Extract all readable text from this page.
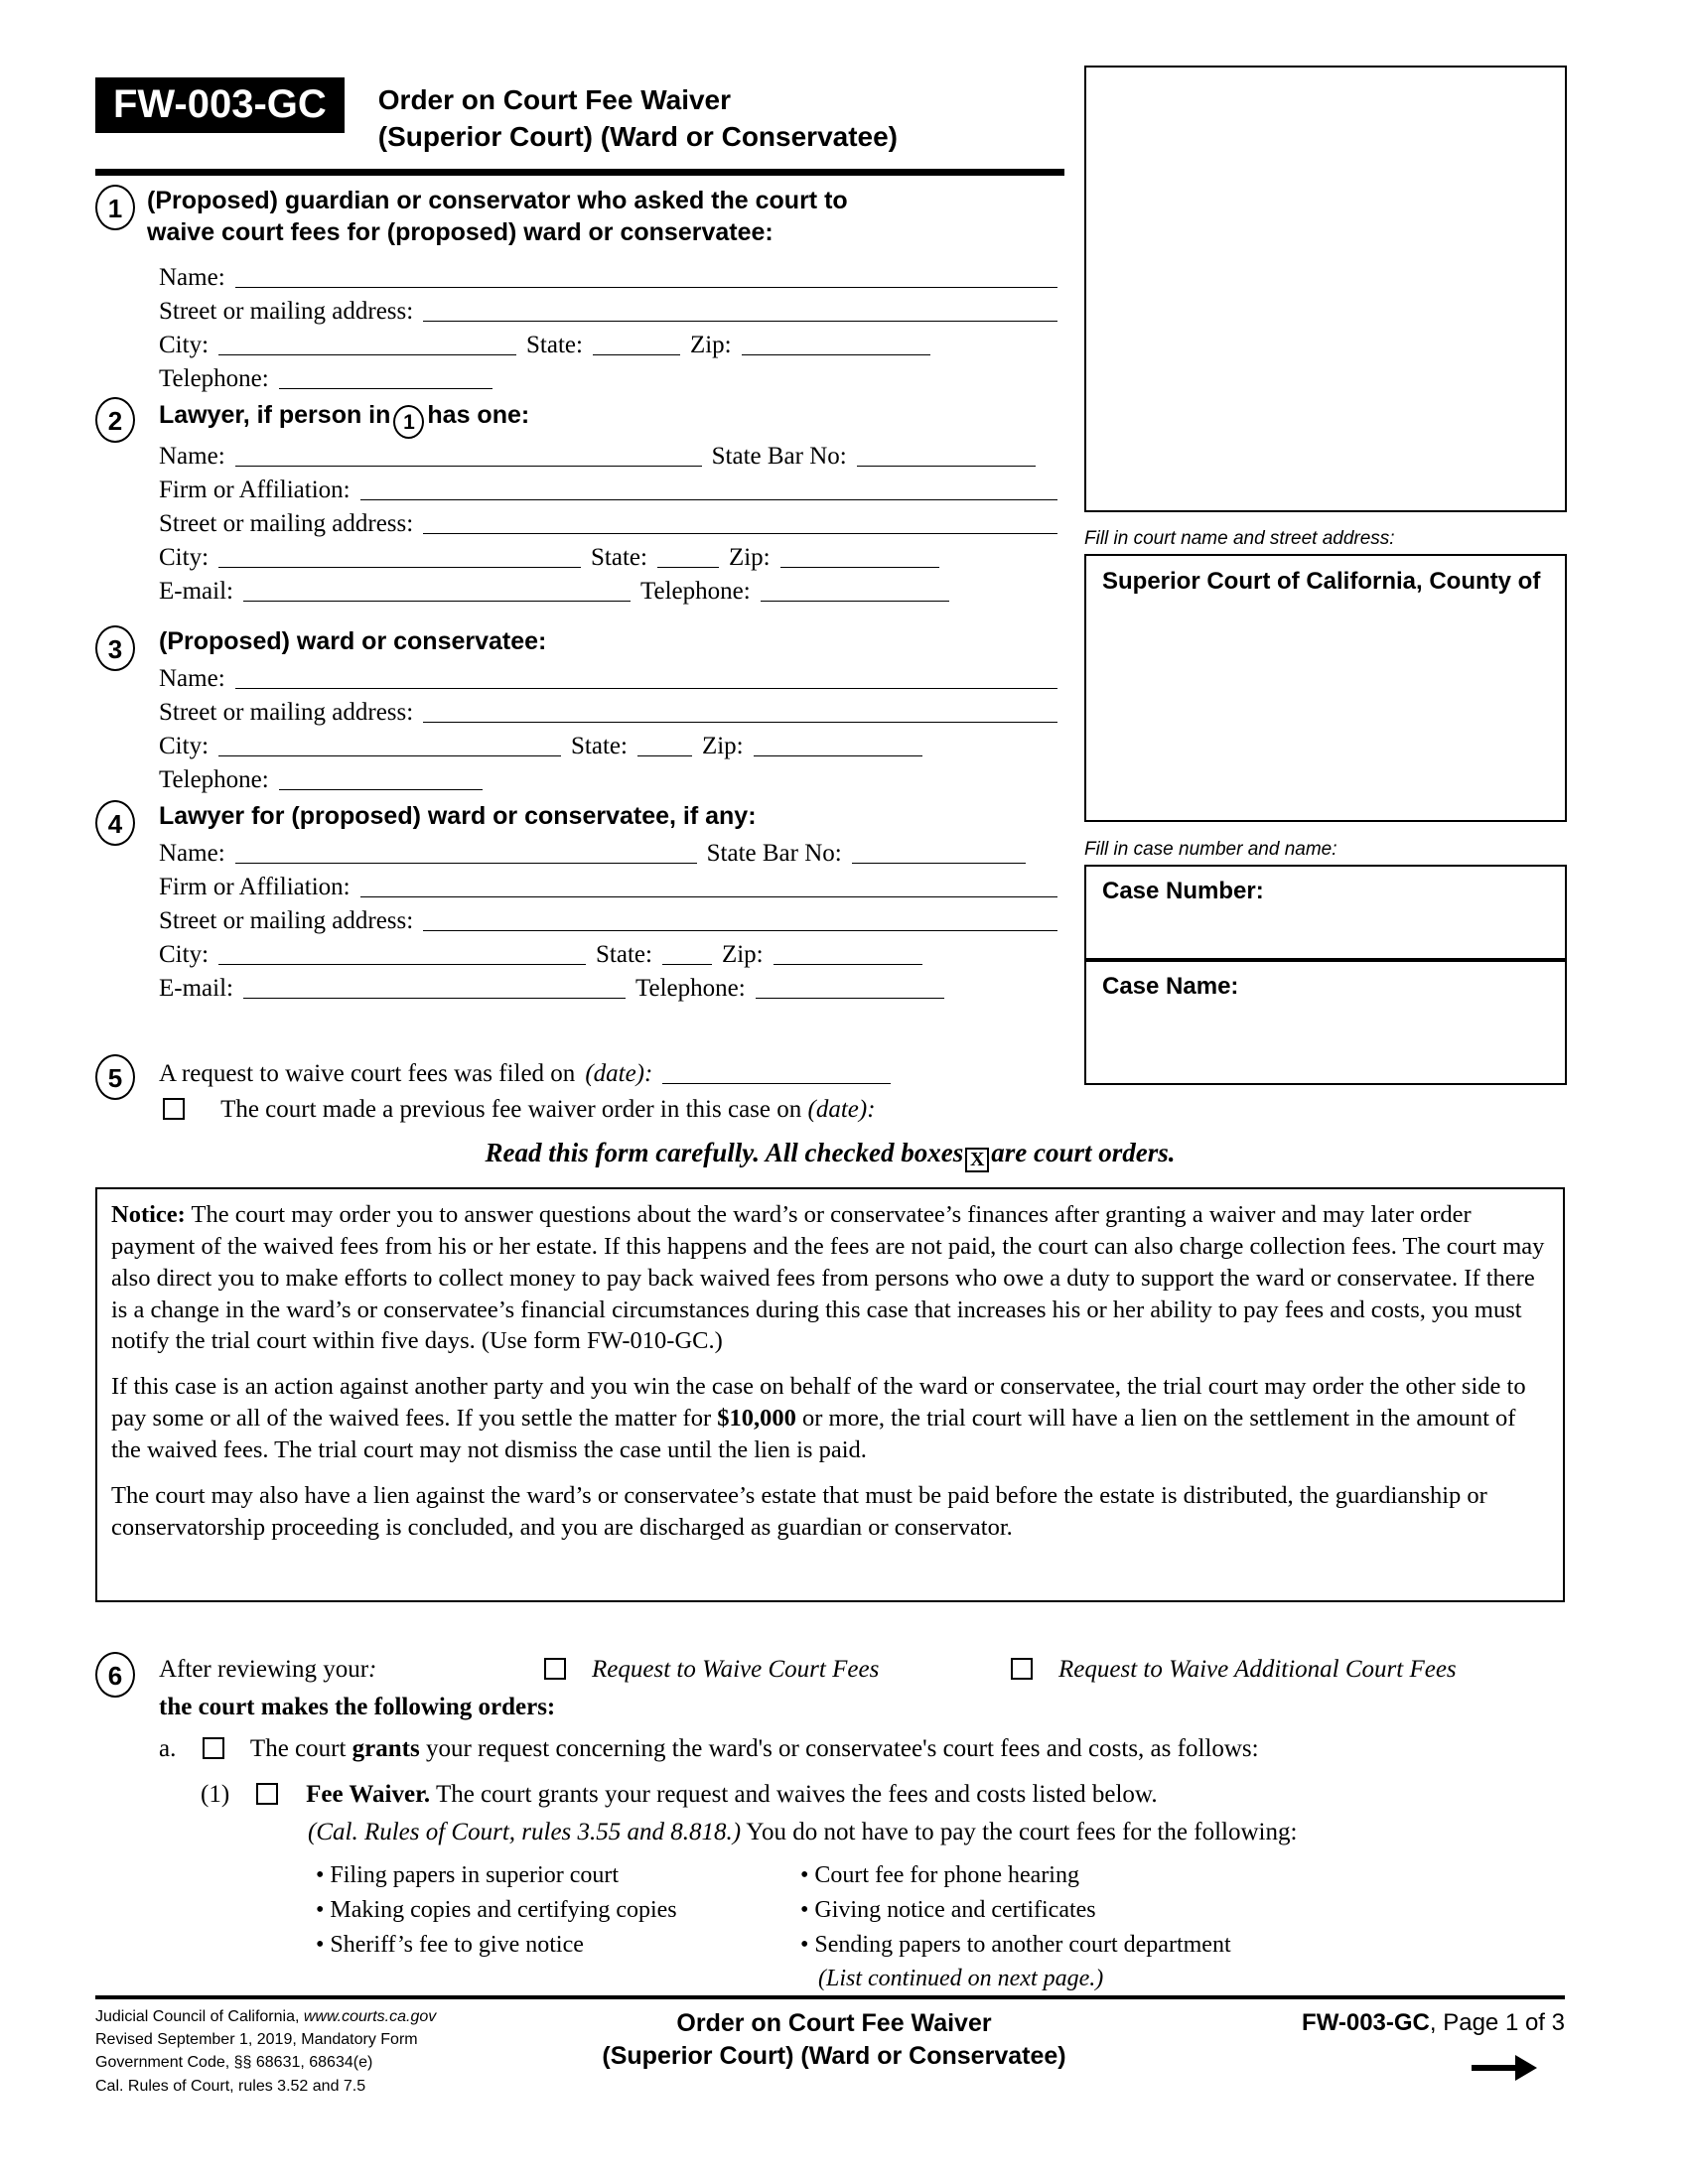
FW-003-GC Order on Court Fee Waiver
(Superior Court) (Ward or Conservatee)
1 (Proposed) guardian or conservator who asked the court to
waive court fees for (proposed) ward or conservatee:
Name:
Street or mailing address:
City:	State:	Zip:
Telephone:
2	Lawyer, if person in 1 has one:
Name:	State Bar No:
Firm or Affiliation:
Street or mailing address:
City:	State:	Zip:
E-mail:	Telephone:
3	(Proposed) ward or conservatee:
Name:
Street or mailing address:
City:	State:	Zip:
Telephone:
4	Lawyer for (proposed) ward or conservatee, if any:
Name:	State Bar No:
Firm or Affiliation:
Street or mailing address:
City:	State:	Zip:
E-mail:	Telephone:
5	A request to waive court fees was filed on (date):
The court made a previous fee waiver order in this case on (date):
Read this form carefully. All checked boxes X are court orders.
Fill in court name and street address:
Superior Court of California, County of
Fill in case number and name:
Case Number:
Case Name:

Notice: The court may order you to answer questions about the ward’s or conservatee’s finances after granting a waiver and may later order payment of the waived fees from his or her estate. If this happens and the fees are not paid, the court can also charge collection fees. The court may also direct you to make efforts to collect money to pay back waived fees from persons who owe a duty to support the ward or conservatee. If there is a change in the ward’s or conservatee’s financial circumstances during this case that increases his or her ability to pay fees and costs, you must notify the trial court within five days. (Use form FW-010-GC.)

If this case is an action against another party and you win the case on behalf of the ward or conservatee, the trial court may order the other side to pay some or all of the waived fees. If you settle the matter for $10,000 or more, the trial court will have a lien on the settlement in the amount of the waived fees. The trial court may not dismiss the case until the lien is paid.

The court may also have a lien against the ward’s or conservatee’s estate that must be paid before the estate is distributed, the guardianship or conservatorship proceeding is concluded, and you are discharged as guardian or conservator.

6	After reviewing your:	Request to Waive Court Fees	Request to Waive Additional Court Fees
the court makes the following orders:
a.	The court grants your request concerning the ward's or conservatee's court fees and costs, as follows:
(1)	Fee Waiver. The court grants your request and waives the fees and costs listed below.
(Cal. Rules of Court, rules 3.55 and 8.818.) You do not have to pay the court fees for the following:
• Filing papers in superior court
• Making copies and certifying copies
• Sheriff’s fee to give notice
• Court fee for phone hearing
• Giving notice and certificates
• Sending papers to another court department
(List continued on next page.)
Judicial Council of California, www.courts.ca.gov
Revised September 1, 2019, Mandatory Form
Government Code, §§ 68631, 68634(e)
Cal. Rules of Court, rules 3.52 and 7.5
Order on Court Fee Waiver
(Superior Court) (Ward or Conservatee)
FW-003-GC, Page 1 of 3
